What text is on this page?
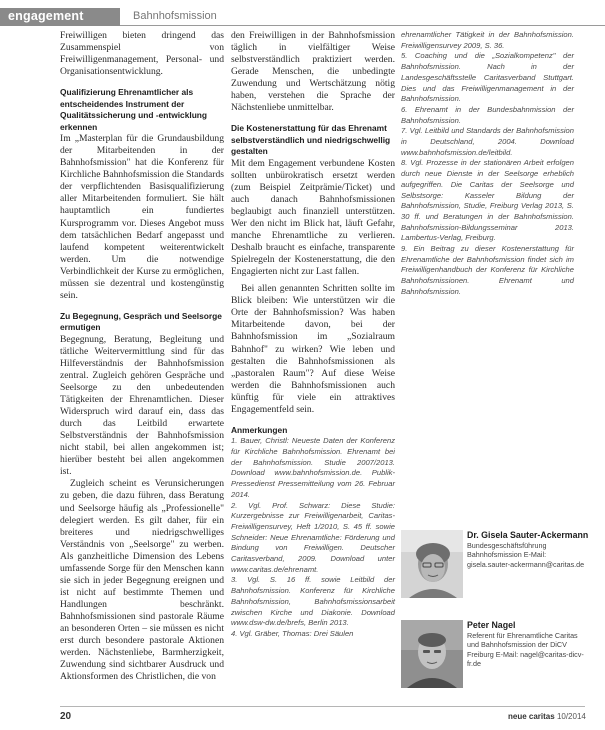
engagement	Bahnhofsmission

Freiwilligen bieten dringend das Zusammenspiel von Freiwilligenmanagement, Personal- und Organisationsentwicklung.

Qualifizierung Ehrenamtlicher als entscheidendes Instrument der Qualitätssicherung und -entwicklung erkennen

Im „Masterplan für die Grundausbildung der Mitarbeitenden in der Bahnhofsmission" hat die Konferenz für Kirchliche Bahnhofsmission die Standards der verpflichtenden Basisqualifizierung aller Mitarbeitenden formuliert. Sie hält hauptamtlich ein fundiertes Kursprogramm vor. Dieses Angebot muss dem tatsächlichen Bedarf angepasst und laufend kompetent weiterentwickelt werden. Um die notwendige Verbindlichkeit der Kurse zu ermöglichen, müssen sie dezentral und kostengünstig sein.

Zu Begegnung, Gespräch und Seelsorge ermutigen

Begegnung, Beratung, Begleitung und tätliche Weitervermittlung sind für das Hilfeverständnis der Bahnhofsmission zentral. Zugleich gehören Gespräche und Seelsorge zu den unbedeutenden Tätigkeiten der Ehrenamtlichen. Dieser Widerspruch wird darauf ein, dass das durch das Leitbild erwartete Selbstverständnis der Bahnhofsmission nicht stabil, bei allen angekommen ist; hierüber besteht bei allen angekommen ist.

Zugleich scheint es Verunsicherungen zu geben, die dazu führen, dass Beratung und Seelsorge häufig als „Professionelle" delegiert werden. Es gilt daher, für ein breiteres und niedrigschwelliges Verständnis von „Seelsorge" zu werben. Als ganzheitliche Dimension des Lebens umfassende Sorge für den Menschen kann sie sich in jeder Begegnung ereignen und ist nicht auf bestimmte Themen und Handlungen beschränkt. Bahnhofsmissionen sind pastorale Räume an besonderen Orten – sie müssen es nicht erst durch besondere pastorale Aktionen werden. Nächstenliebe, Barmherzigkeit, Zuwendung sind sichtbarer Ausdruck und Aktionsformen des Christlichen, die von

den Freiwilligen in der Bahnhofsmission täglich in vielfältiger Weise selbstverständlich praktiziert werden. Gerade Menschen, die unbedingte Zuwendung und Wertschätzung nötig haben, verstehen die Sprache der Nächstenliebe unmittelbar.

Die Kostenerstattung für das Ehrenamt selbstverständlich und niedrigschwellig gestalten

Mit dem Engagement verbundene Kosten sollten unbürokratisch ersetzt werden (zum Beispiel Zeitprämie/Ticket) und auch danach Bahnhofsmissionen beglaubigt auch finanziell unterstützen. Wer den nicht im Blick hat, läuft Gefahr, manche Ehrenamtliche zu verlieren. Deshalb braucht es einfache, transparente Spielregeln der Kostenerstattung, die den Engagierten nicht zur Last fallen.

Bei allen genannten Schritten sollte im Blick bleiben: Wie unterstützen wir die Orte der Bahnhofsmission? Was haben Mitarbeitende davon, bei der Bahnhofsmission im „Sozialraum Bahnhof" zu wirken? Wie leben und gestalten die Bahnhofsmissionen als „pastoralen Raum"? Auf diese Weise werden die Bahnhofsmissionen auch künftig für viele ein attraktives Engagementfeld sein.

Anmerkungen

1. Bauer, Christl: Neueste Daten der Konferenz für Kirchliche Bahnhofsmission. Ehrenamt bei der Bahnhofsmission. Studie 2007/2013. Download www.bahnhofsmission.de. Publik-Pressedienst Pressemitteilung vom 26. Februar 2014.

2. Vgl. Prof. Schwarz: Diese Studie: Kurzergebnisse zur Freiwilligenarbeit, Caritas-Freiwilligensurvey, Heft 1/2010, S. 45 ff. sowie Schneider: Neue Ehrenamtliche: Förderung und Bindung von Freiwilligen. Deutscher Caritasverband, 2009. Download unter www.caritas.de/ehrenamt.

3. Vgl. S. 16 ff. sowie Leitbild der Bahnhofsmission. Konferenz für Kirchliche Bahnhofsmission, Bahnhofsmissionsarbeit zwischen Kirche und Diakonie. Download www.dsw-dw.de/brefs, Berlin 2013.

4. Vgl. Gräber, Thomas: Drei Säulen

ehrenamtlicher Tätigkeit in der Bahnhofsmission. Freiwilligensurvey 2009, S. 36.

5. Coaching und die „Sozialkompetenz" der Bahnhofsmission. Nach in der Landesgeschäftsstelle Caritasverband Stuttgart. Dies und das Freiwilligenmanagement in der Bahnhofsmission.

6. Ehrenamt in der Bundesbahnmission der Bahnhofsmission.

7. Vgl. Leitbild und Standards der Bahnhofsmission in Deutschland, 2004. Download www.bahnhofsmission.de/leitbild.

8. Vgl. Prozesse in der stationären Arbeit erfolgen durch neue Dienste in der Seelsorge erheblich aufgegriffen. Die Caritas der Seelsorge und Selbstsorge: Kasseler Bildung der Bahnhofsmission, Studie, Freiburg Verlag 2013, S. 30 ff. und Beratungen in der Bahnhofsmission. Bahnhofsmission-Bildungsseminar 2013. Lambertus-Verlag, Freiburg.

9. Ein Beitrag zu dieser Kostenerstattung für Ehrenamtliche der Bahnhofsmission findet sich im Freiwilligenhandbuch der Konferenz für Kirchliche Bahnhofsmissionen. Ehrenamt und Bahnhofsmission.

Dr. Gisela Sauter-Ackermann
Bundesgeschäftsführung Bahnhofsmission E-Mail: gisela.sauter-ackermann@caritas.de
Peter Nagel
Referent für Ehrenamtliche Caritas und Bahnhofsmission der DiCV Freiburg E-Mail: nagel@caritas-dicv-fr.de
20	neue caritas 10/2014
